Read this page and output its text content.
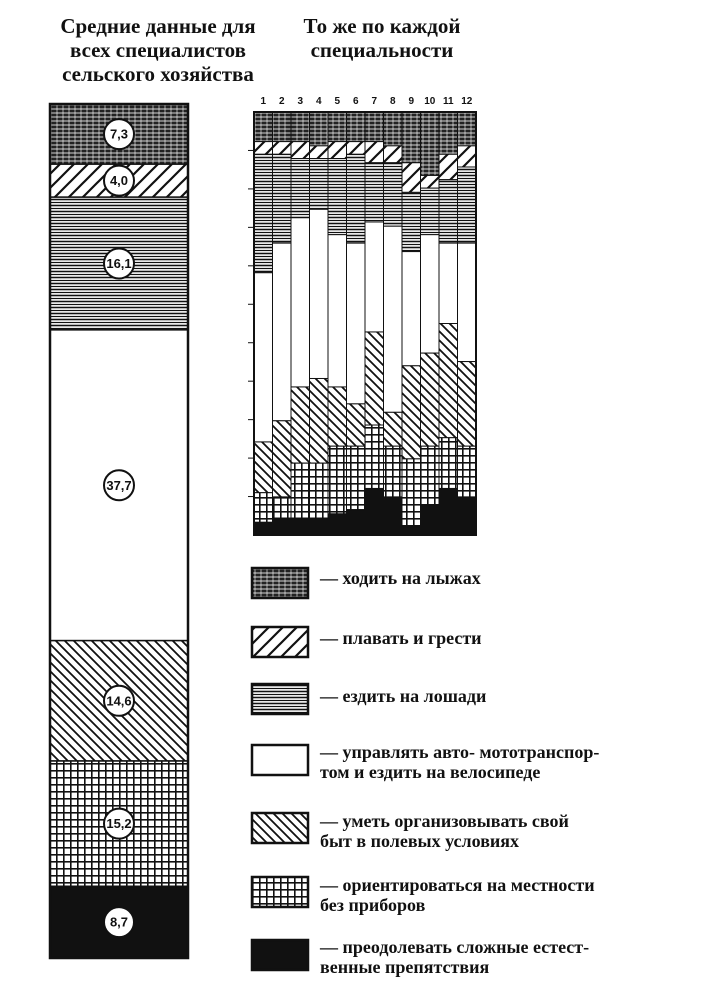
Средние данные для всех специалистов сельского хозяйства
То же по каждой специальности
7,3
4,0
16,1
37,7
14,6
15,2
8,7
1 2 3 4 5 6 7 8 9 10 11 12
— ходить на лыжах
— плавать и грести
— ездить на лошади
— управлять авто- мототранспор-
том и ездить на велосипеде
— уметь организовывать свой
быт в полевых условиях
— ориентироваться на местности
без приборов
— преодолевать сложные естест-
венные препятствия
